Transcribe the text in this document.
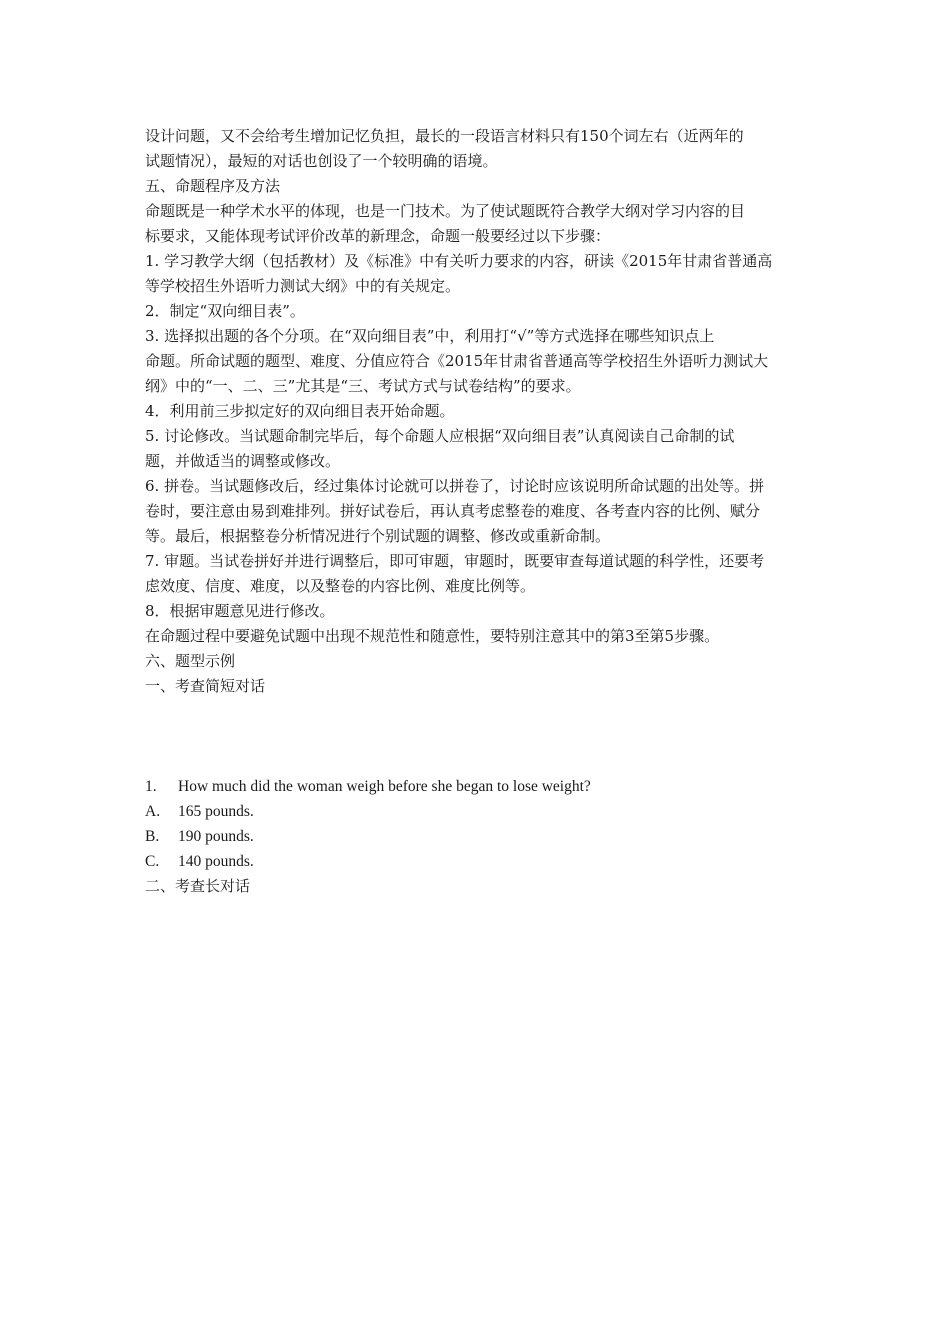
设计问题，又不会给考生增加记忆负担，最长的一段语言材料只有150个词左右（近两年的
试题情况），最短的对话也创设了一个较明确的语境。

五、命题程序及方法

命题既是一种学术水平的体现，也是一门技术。为了使试题既符合教学大纲对学习内容的目
标要求，又能体现考试评价改革的新理念，命题一般要经过以下步骤：

1. 学习教学大纲（包括教材）及《标准》中有关听力要求的内容，研读《2015年甘肃省普通高
等学校招生外语听力测试大纲》中的有关规定。

2．制定“双向细目表”。

3. 选择拟出题的各个分项。在“双向细目表”中，利用打“√”等方式选择在哪些知识点上
命题。所命试题的题型、难度、分值应符合《2015年甘肃省普通高等学校招生外语听力测试大
纲》中的“一、二、三”尤其是“三、考试方式与试卷结构”的要求。

4．利用前三步拟定好的双向细目表开始命题。

5. 讨论修改。当试题命制完毕后，每个命题人应根据“双向细目表”认真阅读自己命制的试
题，并做适当的调整或修改。

6. 拼卷。当试题修改后，经过集体讨论就可以拼卷了，讨论时应该说明所命试题的出处等。拼
卷时，要注意由易到难排列。拼好试卷后，再认真考虑整卷的难度、各考查内容的比例、赋分
等。最后，根据整卷分析情况进行个别试题的调整、修改或重新命制。

7. 审题。当试卷拼好并进行调整后，即可审题，审题时，既要审查每道试题的科学性，还要考
虑效度、信度、难度，以及整卷的内容比例、难度比例等。

8．根据审题意见进行修改。

在命题过程中要避免试题中出现不规范性和随意性，要特别注意其中的第3至第5步骤。

六、题型示例

一、考查简短对话

1.	How much did the woman weigh before she began to lose weight?

A.	165 pounds.

B.	190 pounds.

C.	140 pounds.

二、考查长对话
